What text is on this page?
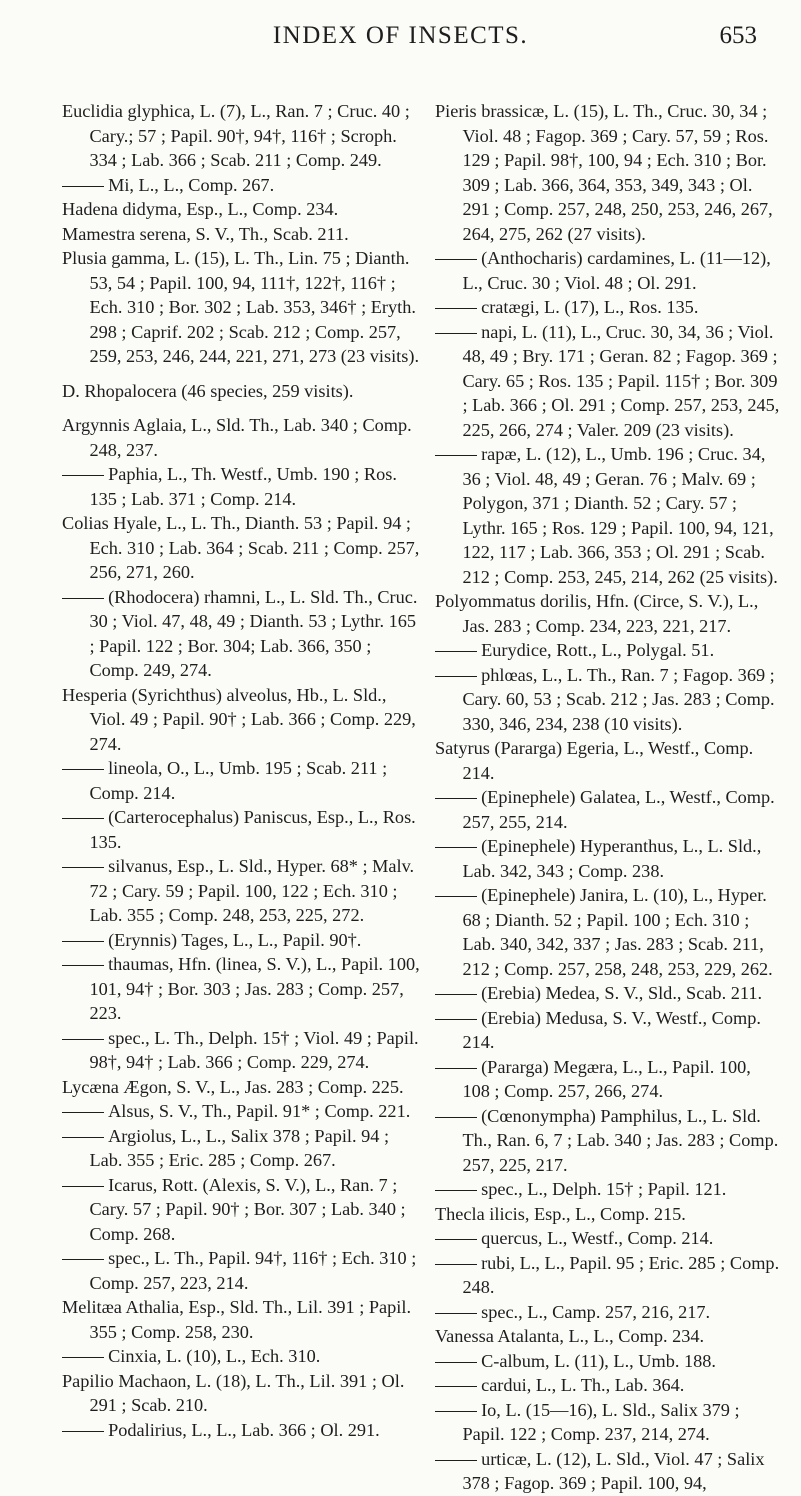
INDEX OF INSECTS.	653

Euclidia glyphica, L. (7), L., Ran. 7 ; Cruc. 40 ; Cary.; 57 ; Papil. 90†, 94†, 116† ; Scroph. 334 ; Lab. 366 ; Scab. 211 ; Comp. 249.

Mi, L., L., Comp. 267.

Hadena didyma, Esp., L., Comp. 234.

Mamestra serena, S. V., Th., Scab. 211.

Plusia gamma, L. (15), L. Th., Lin. 75 ; Dianth. 53, 54 ; Papil. 100, 94, 111†, 122†, 116† ; Ech. 310 ; Bor. 302 ; Lab. 353, 346† ; Eryth. 298 ; Caprif. 202 ; Scab. 212 ; Comp. 257, 259, 253, 246, 244, 221, 271, 273 (23 visits).

D. Rhopalocera (46 species, 259 visits).

Argynnis Aglaia, L., Sld. Th., Lab. 340 ; Comp. 248, 237.

Paphia, L., Th. Westf., Umb. 190 ; Ros. 135 ; Lab. 371 ; Comp. 214.

Colias Hyale, L., L. Th., Dianth. 53 ; Papil. 94 ; Ech. 310 ; Lab. 364 ; Scab. 211 ; Comp. 257, 256, 271, 260.

(Rhodocera) rhamni, L., L. Sld. Th., Cruc. 30 ; Viol. 47, 48, 49 ; Dianth. 53 ; Lythr. 165 ; Papil. 122 ; Bor. 304; Lab. 366, 350 ; Comp. 249, 274.

Hesperia (Syrichthus) alveolus, Hb., L. Sld., Viol. 49 ; Papil. 90† ; Lab. 366 ; Comp. 229, 274.

lineola, O., L., Umb. 195 ; Scab. 211 ; Comp. 214.

(Carterocephalus) Paniscus, Esp., L., Ros. 135.

silvanus, Esp., L. Sld., Hyper. 68* ; Malv. 72 ; Cary. 59 ; Papil. 100, 122 ; Ech. 310 ; Lab. 355 ; Comp. 248, 253, 225, 272.

(Erynnis) Tages, L., L., Papil. 90†.

thaumas, Hfn. (linea, S. V.), L., Papil. 100, 101, 94† ; Bor. 303 ; Jas. 283 ; Comp. 257, 223.

spec., L. Th., Delph. 15† ; Viol. 49 ; Papil. 98†, 94† ; Lab. 366 ; Comp. 229, 274.

Lycæna Ægon, S. V., L., Jas. 283 ; Comp. 225.

Alsus, S. V., Th., Papil. 91* ; Comp. 221.

Argiolus, L., L., Salix 378 ; Papil. 94 ; Lab. 355 ; Eric. 285 ; Comp. 267.

Icarus, Rott. (Alexis, S. V.), L., Ran. 7 ; Cary. 57 ; Papil. 90† ; Bor. 307 ; Lab. 340 ; Comp. 268.

spec., L. Th., Papil. 94†, 116† ; Ech. 310 ; Comp. 257, 223, 214.

Melitæa Athalia, Esp., Sld. Th., Lil. 391 ; Papil. 355 ; Comp. 258, 230.

Cinxia, L. (10), L., Ech. 310.

Papilio Machaon, L. (18), L. Th., Lil. 391 ; Ol. 291 ; Scab. 210.

Podalirius, L., L., Lab. 366 ; Ol. 291.

Pieris brassicæ, L. (15), L. Th., Cruc. 30, 34 ; Viol. 48 ; Fagop. 369 ; Cary. 57, 59 ; Ros. 129 ; Papil. 98†, 100, 94 ; Ech. 310 ; Bor. 309 ; Lab. 366, 364, 353, 349, 343 ; Ol. 291 ; Comp. 257, 248, 250, 253, 246, 267, 264, 275, 262 (27 visits).

(Anthocharis) cardamines, L. (11—12), L., Cruc. 30 ; Viol. 48 ; Ol. 291.

cratægi, L. (17), L., Ros. 135.

napi, L. (11), L., Cruc. 30, 34, 36 ; Viol. 48, 49 ; Bry. 171 ; Geran. 82 ; Fagop. 369 ; Cary. 65 ; Ros. 135 ; Papil. 115† ; Bor. 309 ; Lab. 366 ; Ol. 291 ; Comp. 257, 253, 245, 225, 266, 274 ; Valer. 209 (23 visits).

rapæ, L. (12), L., Umb. 196 ; Cruc. 34, 36 ; Viol. 48, 49 ; Geran. 76 ; Malv. 69 ; Polygon, 371 ; Dianth. 52 ; Cary. 57 ; Lythr. 165 ; Ros. 129 ; Papil. 100, 94, 121, 122, 117 ; Lab. 366, 353 ; Ol. 291 ; Scab. 212 ; Comp. 253, 245, 214, 262 (25 visits).

Polyommatus dorilis, Hfn. (Circe, S. V.), L., Jas. 283 ; Comp. 234, 223, 221, 217.

Eurydice, Rott., L., Polygal. 51.

phlœas, L., L. Th., Ran. 7 ; Fagop. 369 ; Cary. 60, 53 ; Scab. 212 ; Jas. 283 ; Comp. 330, 346, 234, 238 (10 visits).

Satyrus (Pararga) Egeria, L., Westf., Comp. 214.

(Epinephele) Galatea, L., Westf., Comp. 257, 255, 214.

(Epinephele) Hyperanthus, L., L. Sld., Lab. 342, 343 ; Comp. 238.

(Epinephele) Janira, L. (10), L., Hyper. 68 ; Dianth. 52 ; Papil. 100 ; Ech. 310 ; Lab. 340, 342, 337 ; Jas. 283 ; Scab. 211, 212 ; Comp. 257, 258, 248, 253, 229, 262.

(Erebia) Medea, S. V., Sld., Scab. 211.

(Erebia) Medusa, S. V., Westf., Comp. 214.

(Pararga) Megæra, L., L., Papil. 100, 108 ; Comp. 257, 266, 274.

(Cœnonympha) Pamphilus, L., L. Sld. Th., Ran. 6, 7 ; Lab. 340 ; Jas. 283 ; Comp. 257, 225, 217.

spec., L., Delph. 15† ; Papil. 121.

Thecla ilicis, Esp., L., Comp. 215.

quercus, L., Westf., Comp. 214.

rubi, L., L., Papil. 95 ; Eric. 285 ; Comp. 248.

spec., L., Camp. 257, 216, 217.

Vanessa Atalanta, L., L., Comp. 234.

C-album, L. (11), L., Umb. 188.

cardui, L., L. Th., Lab. 364.

Io, L. (15—16), L. Sld., Salix 379 ; Papil. 122 ; Comp. 237, 214, 274.

urticæ, L. (12), L. Sld., Viol. 47 ; Salix 378 ; Fagop. 369 ; Papil. 100, 94,
